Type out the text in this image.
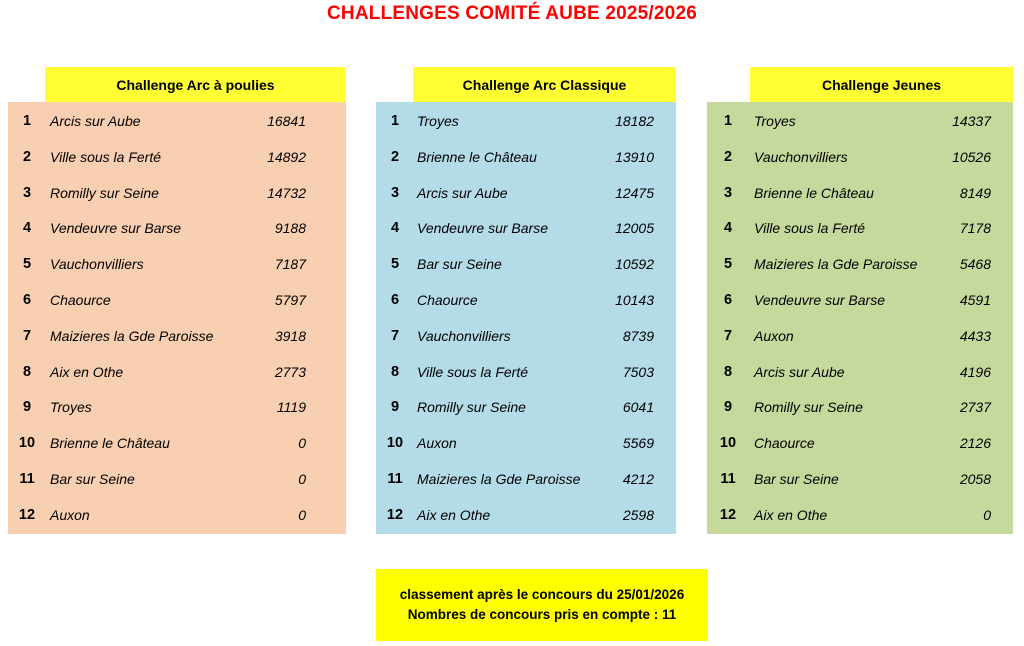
CHALLENGES COMITÉ AUBE 2025/2026
Challenge Arc à poulies
1	Arcis sur Aube	16841
2	Ville sous la Ferté	14892
3	Romilly sur Seine	14732
4	Vendeuvre sur Barse	9188
5	Vauchonvilliers	7187
6	Chaource	5797
7	Maizieres la Gde Paroisse	3918
8	Aix en Othe	2773
9	Troyes	1119
10	Brienne le Château	0
11	Bar sur Seine	0
12	Auxon	0
Challenge Arc Classique
1	Troyes	18182
2	Brienne le Château	13910
3	Arcis sur Aube	12475
4	Vendeuvre sur Barse	12005
5	Bar sur Seine	10592
6	Chaource	10143
7	Vauchonvilliers	8739
8	Ville sous la Ferté	7503
9	Romilly sur Seine	6041
10 Auxon	5569
11	Maizieres la Gde Paroisse	4212
12 Aix en Othe	2598
Challenge Jeunes
1	Troyes	14337
2	Vauchonvilliers	10526
3	Brienne le Château	8149
4	Ville sous la Ferté	7178
5	Maizieres la Gde Paroisse	5468
6	Vendeuvre sur Barse	4591
7	Auxon	4433
8	Arcis sur Aube	4196
9	Romilly sur Seine	2737
10	Chaource	2126
11	Bar sur Seine	2058
12	Aix en Othe	0
classement après le concours du 25/01/2026
Nombres de concours pris en compte : 11
